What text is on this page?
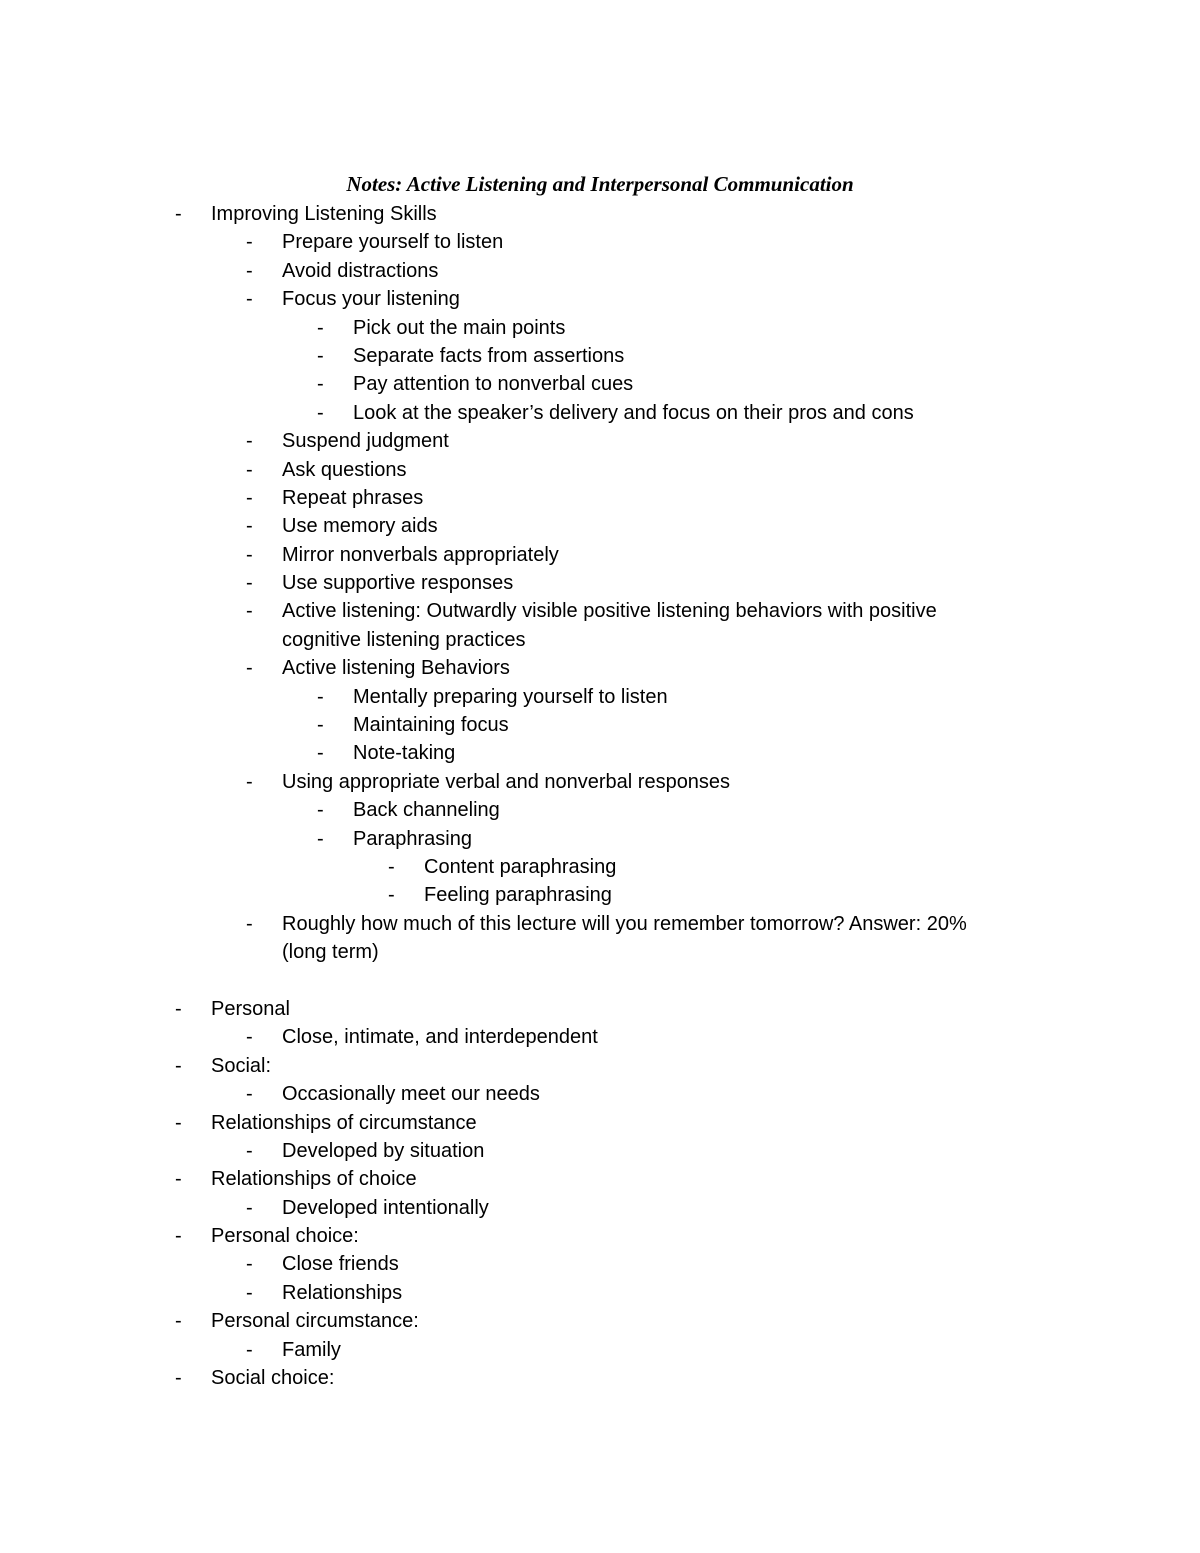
Notes: Active Listening and Interpersonal Communication
- Improving Listening Skills
- Prepare yourself to listen
- Avoid distractions
- Focus your listening
- Pick out the main points
- Separate facts from assertions
- Pay attention to nonverbal cues
- Look at the speaker’s delivery and focus on their pros and cons
- Suspend judgment
- Ask questions
- Repeat phrases
- Use memory aids
- Mirror nonverbals appropriately
- Use supportive responses
- Active listening: Outwardly visible positive listening behaviors with positive
cognitive listening practices
- Active listening Behaviors
- Mentally preparing yourself to listen
- Maintaining focus
- Note-taking
- Using appropriate verbal and nonverbal responses
- Back channeling
- Paraphrasing
- Content paraphrasing
- Feeling paraphrasing
- Roughly how much of this lecture will you remember tomorrow? Answer: 20%
(long term)
- Personal
- Close, intimate, and interdependent
- Social:
- Occasionally meet our needs
- Relationships of circumstance
- Developed by situation
- Relationships of choice
- Developed intentionally
- Personal choice:
- Close friends
- Relationships
- Personal circumstance:
- Family
- Social choice:
